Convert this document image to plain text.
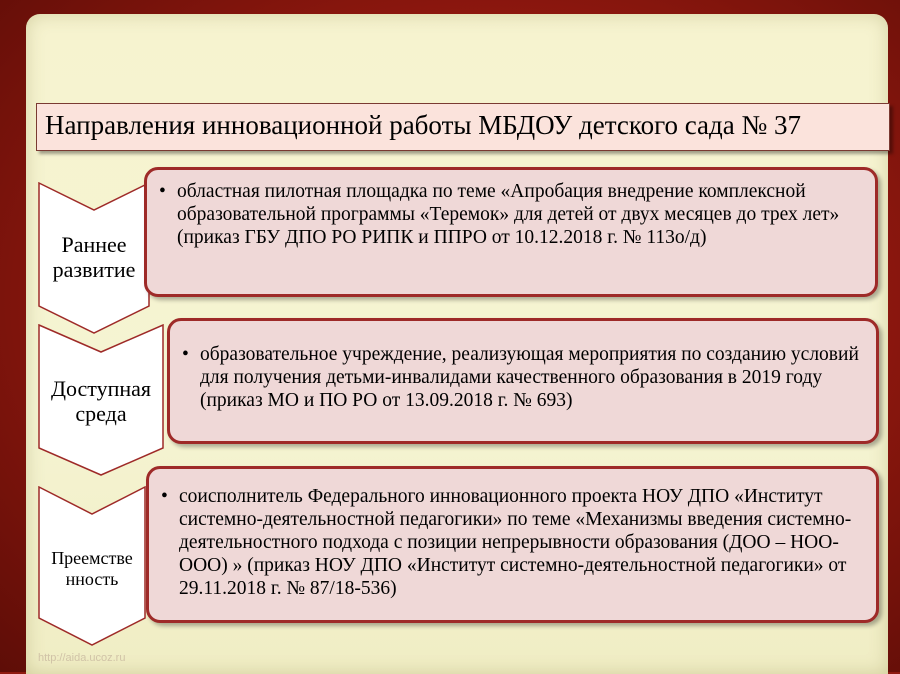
Направления инновационной работы МБДОУ детского сада № 37
Раннее
развитие
• областная пилотная площадка по теме «Апробация внедрение комплексной образовательной программы «Теремок» для детей от двух месяцев до трех лет» (приказ ГБУ ДПО РО РИПК и ППРО от 10.12.2018 г. № 113о/д)
Доступная
среда
• образовательное учреждение, реализующая мероприятия по созданию условий для получения детьми-инвалидами качественного образования в 2019 году (приказ МО и ПО РО от 13.09.2018 г. № 693)
Преемстве
нность
• соисполнитель Федерального инновационного проекта НОУ ДПО «Институт системно-деятельностной педагогики» по теме «Механизмы введения системно-деятельностного подхода с позиции непрерывности образования (ДОО – НОО-ООО) » (приказ НОУ ДПО «Институт системно-деятельностной педагогики» от 29.11.2018 г. № 87/18-536)
http://aida.ucoz.ru
